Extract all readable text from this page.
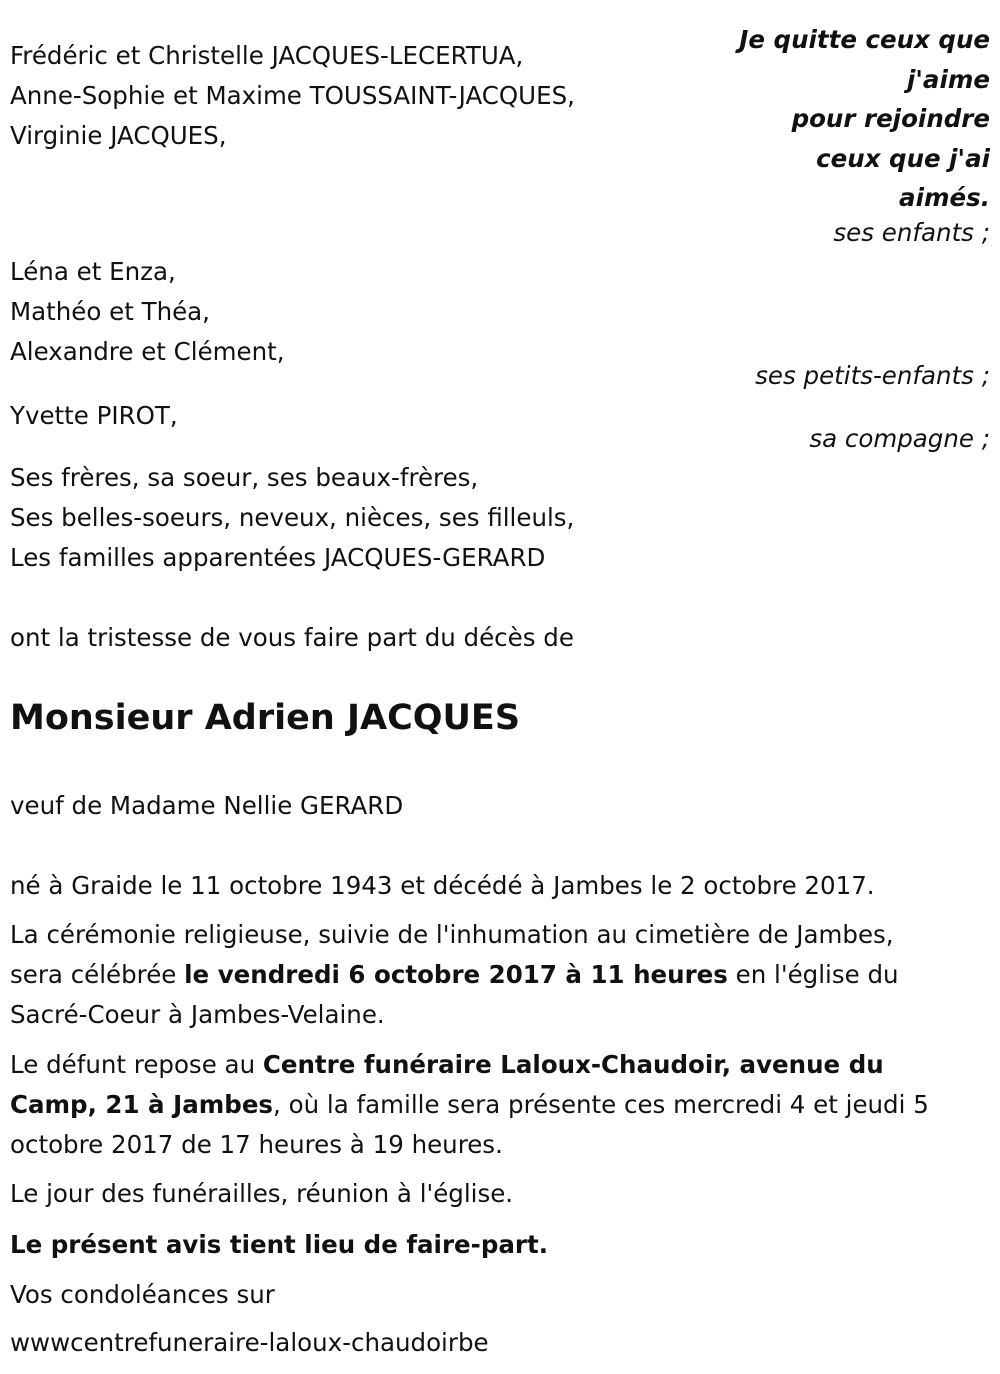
Je quitte ceux que
j'aime
pour rejoindre
ceux que j'ai
aimés.
Frédéric et Christelle JACQUES-LECERTUA,
Anne-Sophie et Maxime TOUSSAINT-JACQUES,
Virginie JACQUES,
ses enfants ;
Léna et Enza,
Mathéo et Théa,
Alexandre et Clément,
ses petits-enfants ;
Yvette PIROT,
sa compagne ;
Ses frères, sa soeur, ses beaux-frères,
Ses belles-soeurs, neveux, nièces, ses filleuls,
Les familles apparentées JACQUES-GERARD
ont la tristesse de vous faire part du décès de
Monsieur Adrien JACQUES
veuf de Madame Nellie GERARD
né à Graide le 11 octobre 1943 et décédé à Jambes le 2 octobre 2017.
La cérémonie religieuse, suivie de l'inhumation au cimetière de Jambes,
sera célébrée le vendredi 6 octobre 2017 à 11 heures en l'église du
Sacré-Coeur à Jambes-Velaine.
Le défunt repose au Centre funéraire Laloux-Chaudoir, avenue du
Camp, 21 à Jambes, où la famille sera présente ces mercredi 4 et jeudi 5
octobre 2017 de 17 heures à 19 heures.
Le jour des funérailles, réunion à l'église.
Le présent avis tient lieu de faire-part.
Vos condoléances sur
wwwcentrefuneraire-laloux-chaudoirbe
